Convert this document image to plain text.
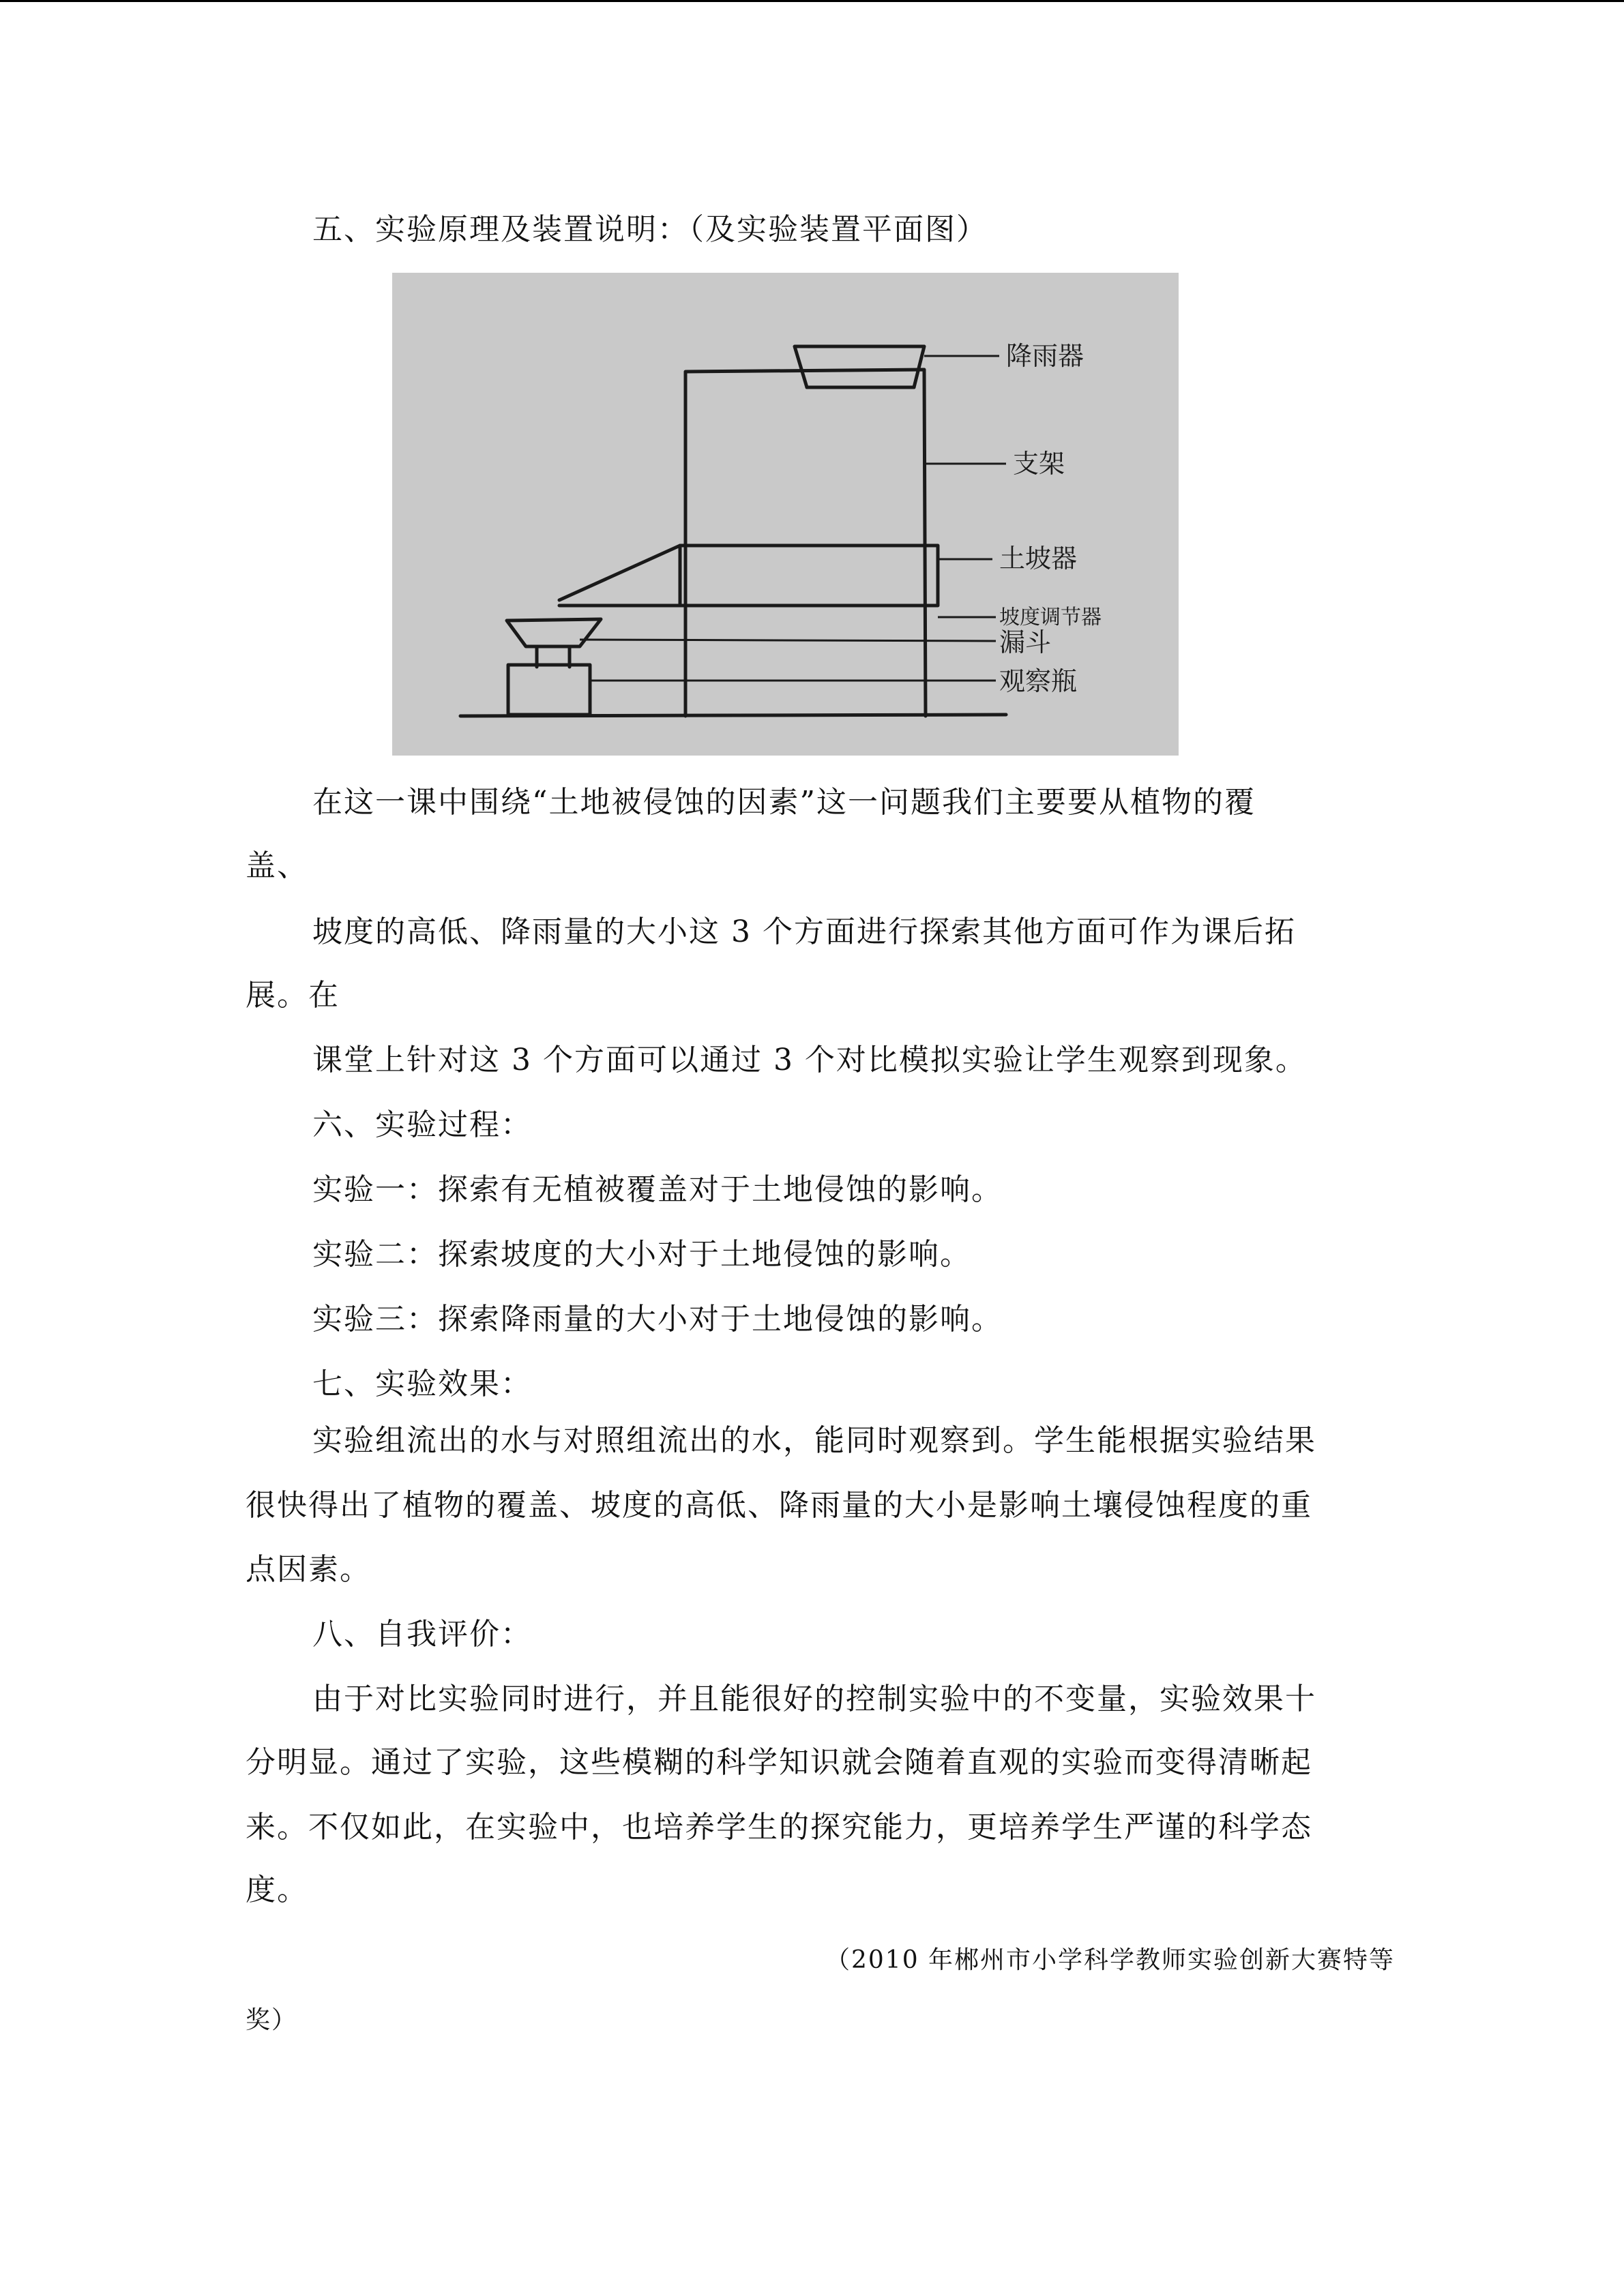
五、实验原理及装置说明：（及实验装置平面图）
降雨器
支架
土坡器
坡度调节器
漏斗
观察瓶
在这一课中围绕“土地被侵蚀的因素”这一问题我们主要要从植物的覆
盖、
坡度的高低、降雨量的大小这 3 个方面进行探索其他方面可作为课后拓
展。在
课堂上针对这 3 个方面可以通过 3 个对比模拟实验让学生观察到现象。
六、实验过程：
实验一：探索有无植被覆盖对于土地侵蚀的影响。
实验二：探索坡度的大小对于土地侵蚀的影响。
实验三：探索降雨量的大小对于土地侵蚀的影响。
七、实验效果：
实验组流出的水与对照组流出的水，能同时观察到。学生能根据实验结果
很快得出了植物的覆盖、坡度的高低、降雨量的大小是影响土壤侵蚀程度的重
点因素。
八、自我评价：
由于对比实验同时进行，并且能很好的控制实验中的不变量，实验效果十
分明显。通过了实验，这些模糊的科学知识就会随着直观的实验而变得清晰起
来。不仅如此，在实验中，也培养学生的探究能力，更培养学生严谨的科学态
度。
（2010 年郴州市小学科学教师实验创新大赛特等
奖）
